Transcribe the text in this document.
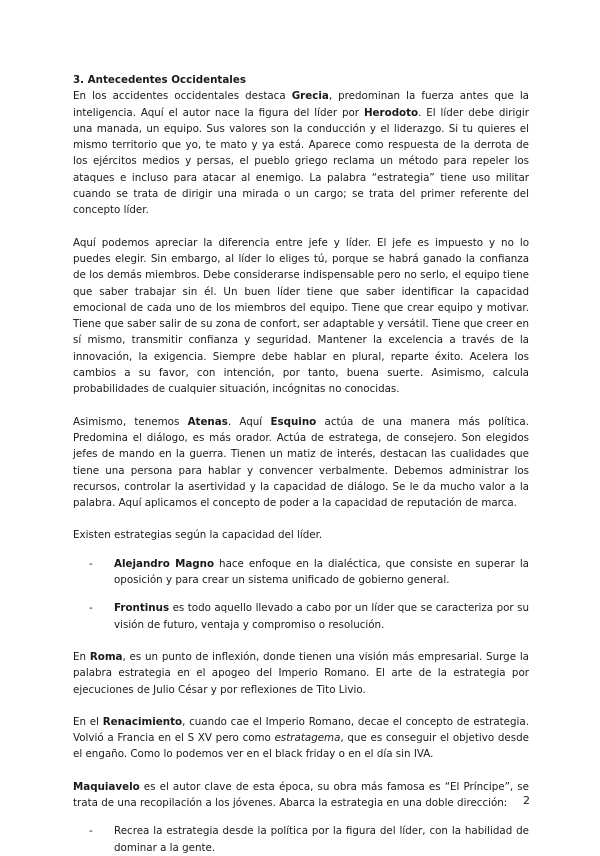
3. Antecedentes Occidentales

En los accidentes occidentales destaca Grecia, predominan la fuerza antes que la inteligencia. Aquí el autor nace la figura del líder por Herodoto. El líder debe dirigir una manada, un equipo. Sus valores son la conducción y el liderazgo. Si tu quieres el mismo territorio que yo, te mato y ya está. Aparece como respuesta de la derrota de los ejércitos medios y persas, el pueblo griego reclama un método para repeler los ataques e incluso para atacar al enemigo. La palabra “estrategia” tiene uso militar cuando se trata de dirigir una mirada o un cargo; se trata del primer referente del concepto líder.

Aquí podemos apreciar la diferencia entre jefe y líder. El jefe es impuesto y no lo puedes elegir. Sin embargo, al líder lo eliges tú, porque se habrá ganado la confianza de los demás miembros. Debe considerarse indispensable pero no serlo, el equipo tiene que saber trabajar sin él. Un buen líder tiene que saber identificar la capacidad emocional de cada uno de los miembros del equipo. Tiene que crear equipo y motivar. Tiene que saber salir de su zona de confort, ser adaptable y versátil. Tiene que creer en sí mismo, transmitir confianza y seguridad. Mantener la excelencia a través de la innovación, la exigencia. Siempre debe hablar en plural, reparte éxito. Acelera los cambios a su favor, con intención, por tanto, buena suerte. Asimismo, calcula probabilidades de cualquier situación, incógnitas no conocidas.

Asimismo, tenemos Atenas. Aquí Esquino actúa de una manera más política. Predomina el diálogo, es más orador. Actúa de estratega, de consejero. Son elegidos jefes de mando en la guerra. Tienen un matiz de interés, destacan las cualidades que tiene una persona para hablar y convencer verbalmente. Debemos administrar los recursos, controlar la asertividad y la capacidad de diálogo. Se le da mucho valor a la palabra. Aquí aplicamos el concepto de poder a la capacidad de reputación de marca.

Existen estrategias según la capacidad del líder.

- Alejandro Magno hace enfoque en la dialéctica, que consiste en superar la oposición y para crear un sistema unificado de gobierno general.

- Frontinus es todo aquello llevado a cabo por un líder que se caracteriza por su visión de futuro, ventaja y compromiso o resolución.

En Roma, es un punto de inflexión, donde tienen una visión más empresarial. Surge la palabra estrategia en el apogeo del Imperio Romano. El arte de la estrategia por ejecuciones de Julio César y por reflexiones de Tito Livio.

En el Renacimiento, cuando cae el Imperio Romano, decae el concepto de estrategia. Volvió a Francia en el S XV pero como estratagema, que es conseguir el objetivo desde el engaño. Como lo podemos ver en el black friday o en el día sin IVA.

Maquiavelo es el autor clave de esta época, su obra más famosa es “El Príncipe”, se trata de una recopilación a los jóvenes. Abarca la estrategia en una doble dirección:

- Recrea la estrategia desde la política por la figura del líder, con la habilidad de dominar a la gente.

2
